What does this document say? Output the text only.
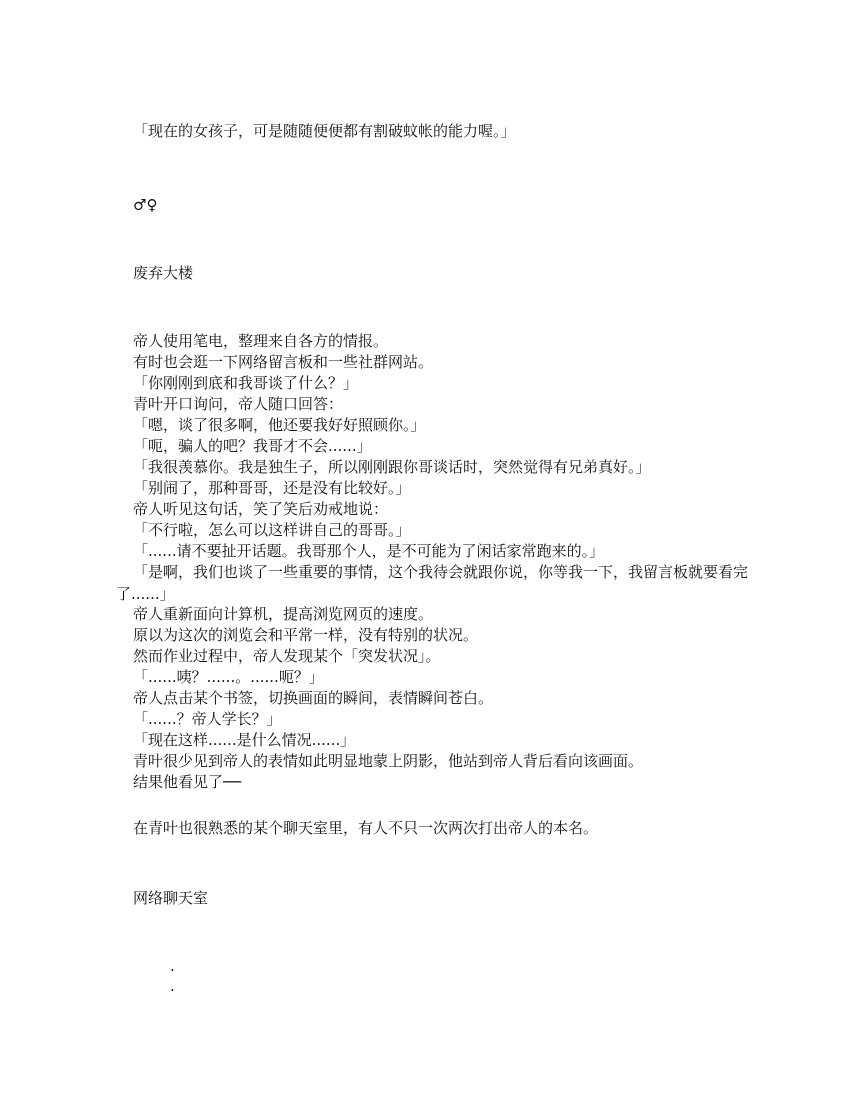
「现在的女孩子，可是随随便便都有割破蚊帐的能力喔。」

♂♀

废弃大楼

帝人使用笔电，整理来自各方的情报。

有时也会逛一下网络留言板和一些社群网站。

「你刚刚到底和我哥谈了什么？」

青叶开口询问，帝人随口回答：

「嗯，谈了很多啊，他还要我好好照顾你。」

「呃，骗人的吧？我哥才不会......」

「我很羡慕你。我是独生子，所以刚刚跟你哥谈话时，突然觉得有兄弟真好。」

「别闹了，那种哥哥，还是没有比较好。」

帝人听见这句话，笑了笑后劝戒地说：

「不行啦，怎么可以这样讲自己的哥哥。」

「......请不要扯开话题。我哥那个人，是不可能为了闲话家常跑来的。」

「是啊，我们也谈了一些重要的事情，这个我待会就跟你说，你等我一下，我留言板就要看完了......」

帝人重新面向计算机，提高浏览网页的速度。

原以为这次的浏览会和平常一样，没有特别的状况。

然而作业过程中，帝人发现某个「突发状况」。

「......咦？......。......呃？」

帝人点击某个书签，切换画面的瞬间，表情瞬间苍白。

「......？帝人学长？」

「现在这样......是什么情况......」

青叶很少见到帝人的表情如此明显地蒙上阴影，他站到帝人背后看向该画面。

结果他看见了──

在青叶也很熟悉的某个聊天室里，有人不只一次两次打出帝人的本名。

网络聊天室

.
.
